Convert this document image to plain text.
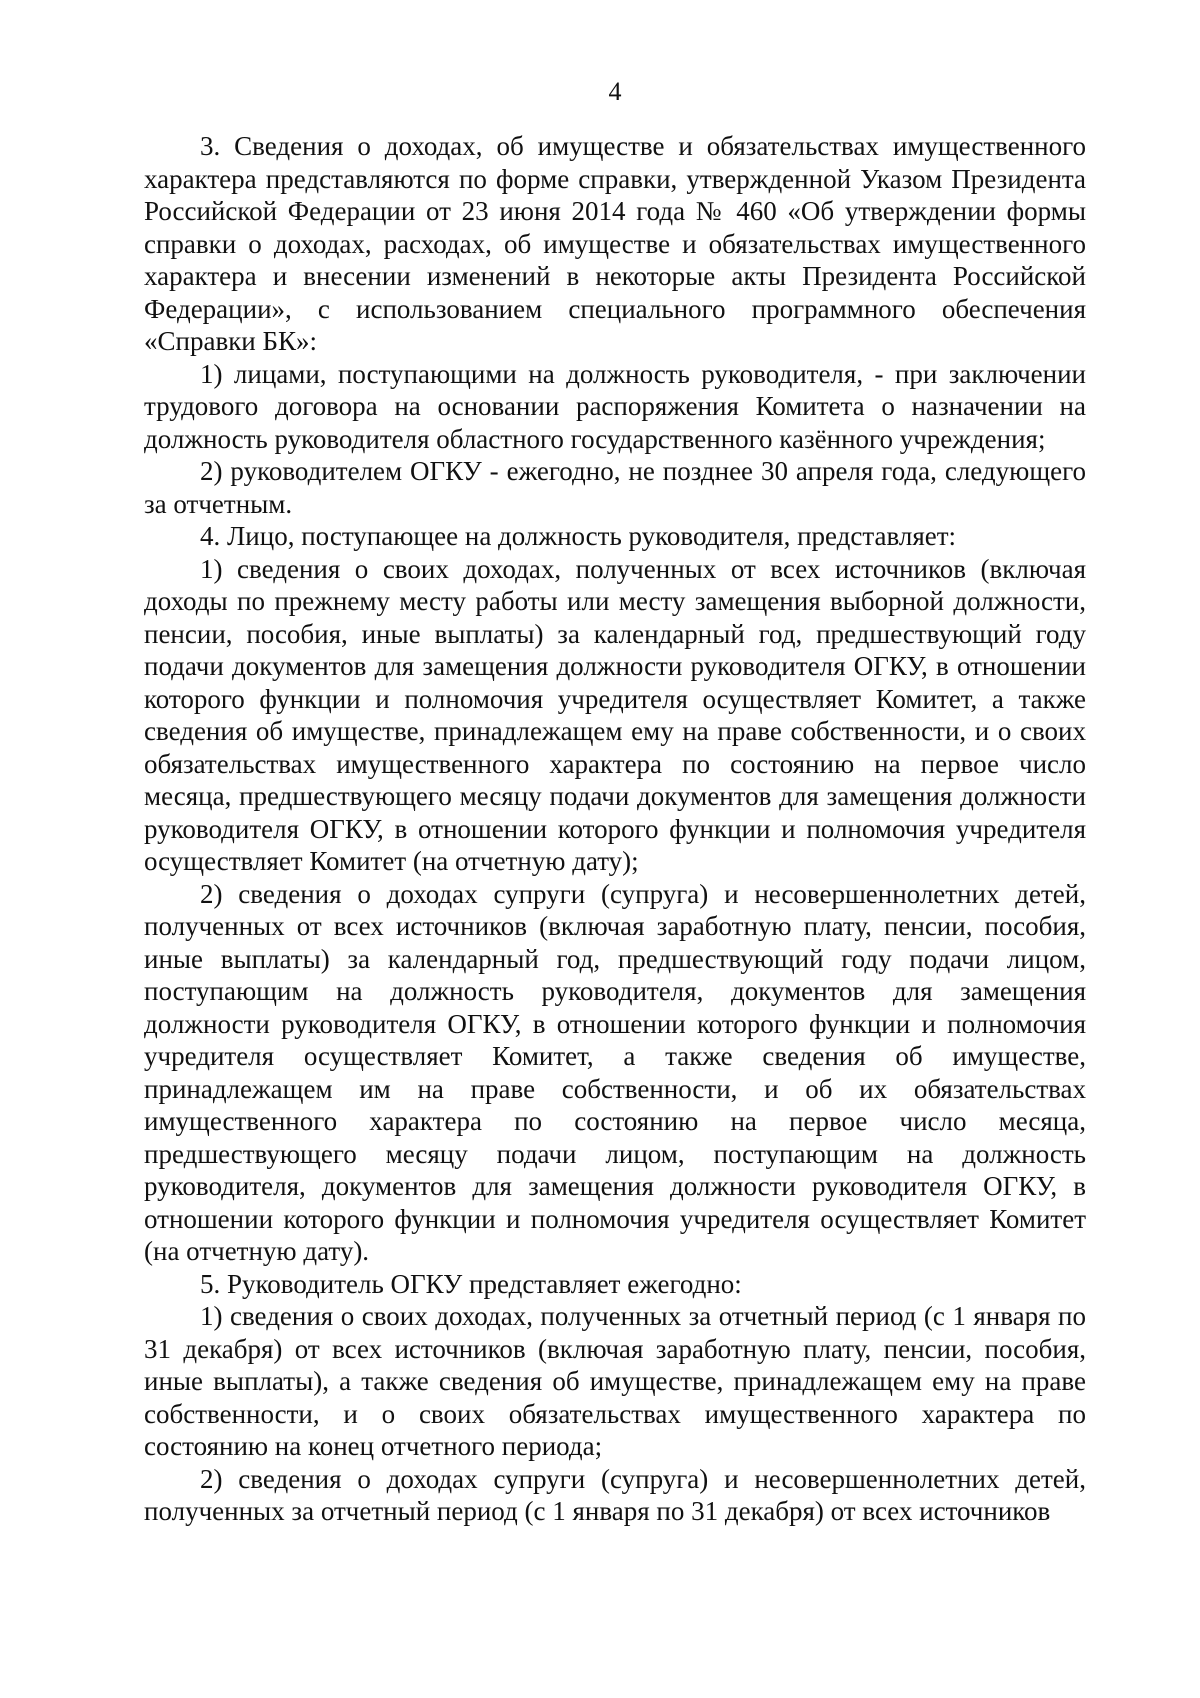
4

3. Сведения о доходах, об имуществе и обязательствах имущественного характера представляются по форме справки, утвержденной Указом Президента Российской Федерации от 23 июня 2014 года № 460 «Об утверждении формы справки о доходах, расходах, об имуществе и обязательствах имущественного характера и внесении изменений в некоторые акты Президента Российской Федерации», с использованием специального программного обеспечения «Справки БК»:

1) лицами, поступающими на должность руководителя, - при заключении трудового договора на основании распоряжения Комитета о назначении на должность руководителя областного государственного казённого учреждения;

2) руководителем ОГКУ - ежегодно, не позднее 30 апреля года, следующего за отчетным.

4. Лицо, поступающее на должность руководителя, представляет:

1) сведения о своих доходах, полученных от всех источников (включая доходы по прежнему месту работы или месту замещения выборной должности, пенсии, пособия, иные выплаты) за календарный год, предшествующий году подачи документов для замещения должности руководителя ОГКУ, в отношении которого функции и полномочия учредителя осуществляет Комитет, а также сведения об имуществе, принадлежащем ему на праве собственности, и о своих обязательствах имущественного характера по состоянию на первое число месяца, предшествующего месяцу подачи документов для замещения должности руководителя ОГКУ, в отношении которого функции и полномочия учредителя осуществляет Комитет (на отчетную дату);

2) сведения о доходах супруги (супруга) и несовершеннолетних детей, полученных от всех источников (включая заработную плату, пенсии, пособия, иные выплаты) за календарный год, предшествующий году подачи лицом, поступающим на должность руководителя, документов для замещения должности руководителя ОГКУ, в отношении которого функции и полномочия учредителя осуществляет Комитет, а также сведения об имуществе, принадлежащем им на праве собственности, и об их обязательствах имущественного характера по состоянию на первое число месяца, предшествующего месяцу подачи лицом, поступающим на должность руководителя, документов для замещения должности руководителя ОГКУ, в отношении которого функции и полномочия учредителя осуществляет Комитет (на отчетную дату).

5. Руководитель ОГКУ представляет ежегодно:

1) сведения о своих доходах, полученных за отчетный период (с 1 января по 31 декабря) от всех источников (включая заработную плату, пенсии, пособия, иные выплаты), а также сведения об имуществе, принадлежащем ему на праве собственности, и о своих обязательствах имущественного характера по состоянию на конец отчетного периода;

2) сведения о доходах супруги (супруга) и несовершеннолетних детей, полученных за отчетный период (с 1 января по 31 декабря) от всех источников
